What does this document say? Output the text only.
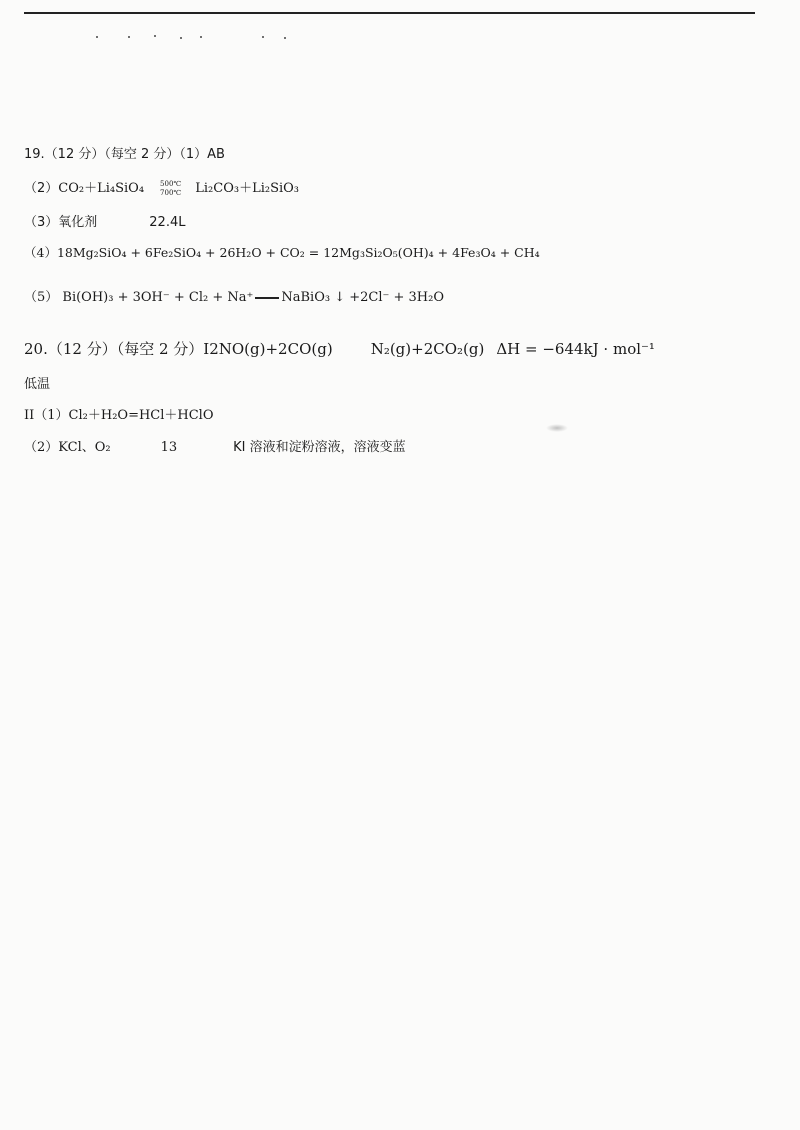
19.（12 分）（每空 2 分）（1）AB
（2）CO₂＋Li₄SiO₄ 500℃
700℃ Li₂CO₃＋Li₂SiO₃
（3）氧化剂	22.4L
（4）18Mg₂SiO₄ + 6Fe₂SiO₄ + 26H₂O + CO₂ = 12Mg₃Si₂O₅(OH)₄ + 4Fe₃O₄ + CH₄
（5） Bi(OH)₃ + 3OH⁻ + Cl₂ + Na⁺ NaBiO₃ ↓ +2Cl⁻ + 3H₂O
20.（12 分）（每空 2 分）Ⅰ2NO(g)+2CO(g)	N₂(g)+2CO₂(g) ΔH = −644kJ · mol⁻¹
低温
II（1）Cl₂＋H₂O=HCl＋HClO
（2）KCl、O₂	13	KI 溶液和淀粉溶液，溶液变蓝
